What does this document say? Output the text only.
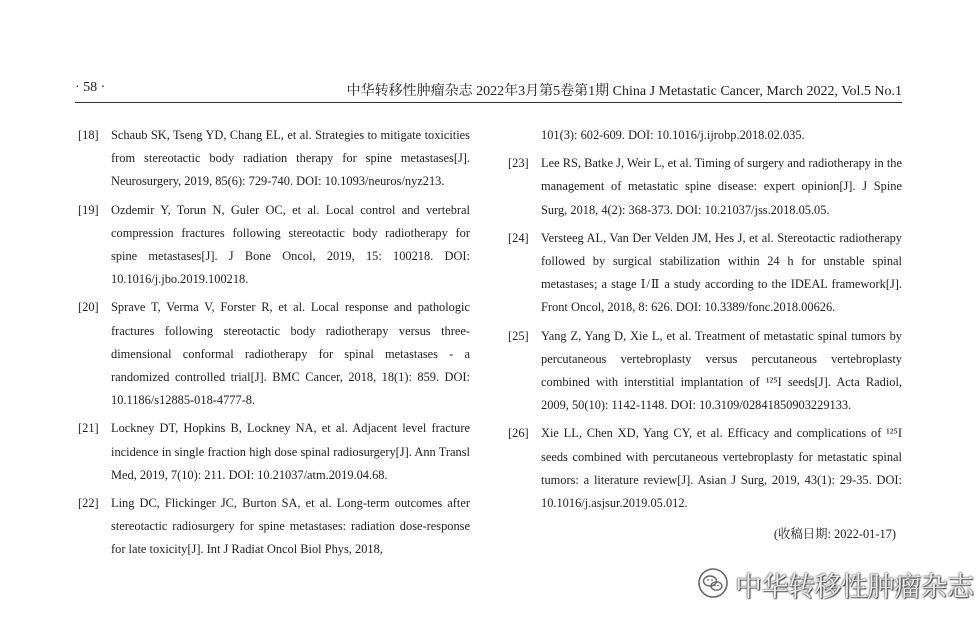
· 58 ·	中华转移性肿瘤杂志 2022年3月第5卷第1期 China J Metastatic Cancer, March 2022, Vol.5 No.1
[18] Schaub SK, Tseng YD, Chang EL, et al. Strategies to mitigate toxicities from stereotactic body radiation therapy for spine metastases[J]. Neurosurgery, 2019, 85(6): 729-740. DOI: 10.1093/neuros/nyz213.
[19] Ozdemir Y, Torun N, Guler OC, et al. Local control and vertebral compression fractures following stereotactic body radiotherapy for spine metastases[J]. J Bone Oncol, 2019, 15: 100218. DOI: 10.1016/j.jbo.2019.100218.
[20] Sprave T, Verma V, Forster R, et al. Local response and pathologic fractures following stereotactic body radiotherapy versus three-dimensional conformal radiotherapy for spinal metastases - a randomized controlled trial[J]. BMC Cancer, 2018, 18(1): 859. DOI: 10.1186/s12885-018-4777-8.
[21] Lockney DT, Hopkins B, Lockney NA, et al. Adjacent level fracture incidence in single fraction high dose spinal radiosurgery[J]. Ann Transl Med, 2019, 7(10): 211. DOI: 10.21037/atm.2019.04.68.
[22] Ling DC, Flickinger JC, Burton SA, et al. Long-term outcomes after stereotactic radiosurgery for spine metastases: radiation dose-response for late toxicity[J]. Int J Radiat Oncol Biol Phys, 2018,
101(3): 602-609. DOI: 10.1016/j.ijrobp.2018.02.035.
[23] Lee RS, Batke J, Weir L, et al. Timing of surgery and radiotherapy in the management of metastatic spine disease: expert opinion[J]. J Spine Surg, 2018, 4(2): 368-373. DOI: 10.21037/jss.2018.05.05.
[24] Versteeg AL, Van Der Velden JM, Hes J, et al. Stereotactic radiotherapy followed by surgical stabilization within 24 h for unstable spinal metastases; a stage Ⅰ/Ⅱ a study according to the IDEAL framework[J]. Front Oncol, 2018, 8: 626. DOI: 10.3389/fonc.2018.00626.
[25] Yang Z, Yang D, Xie L, et al. Treatment of metastatic spinal tumors by percutaneous vertebroplasty versus percutaneous vertebroplasty combined with interstitial implantation of ¹²⁵I seeds[J]. Acta Radiol, 2009, 50(10): 1142-1148. DOI: 10.3109/02841850903229133.
[26] Xie LL, Chen XD, Yang CY, et al. Efficacy and complications of ¹²⁵I seeds combined with percutaneous vertebroplasty for metastatic spinal tumors: a literature review[J]. Asian J Surg, 2019, 43(1): 29-35. DOI: 10.1016/j.asjsur.2019.05.012.
(收稿日期: 2022-01-17)
中华转移性肿瘤杂志
